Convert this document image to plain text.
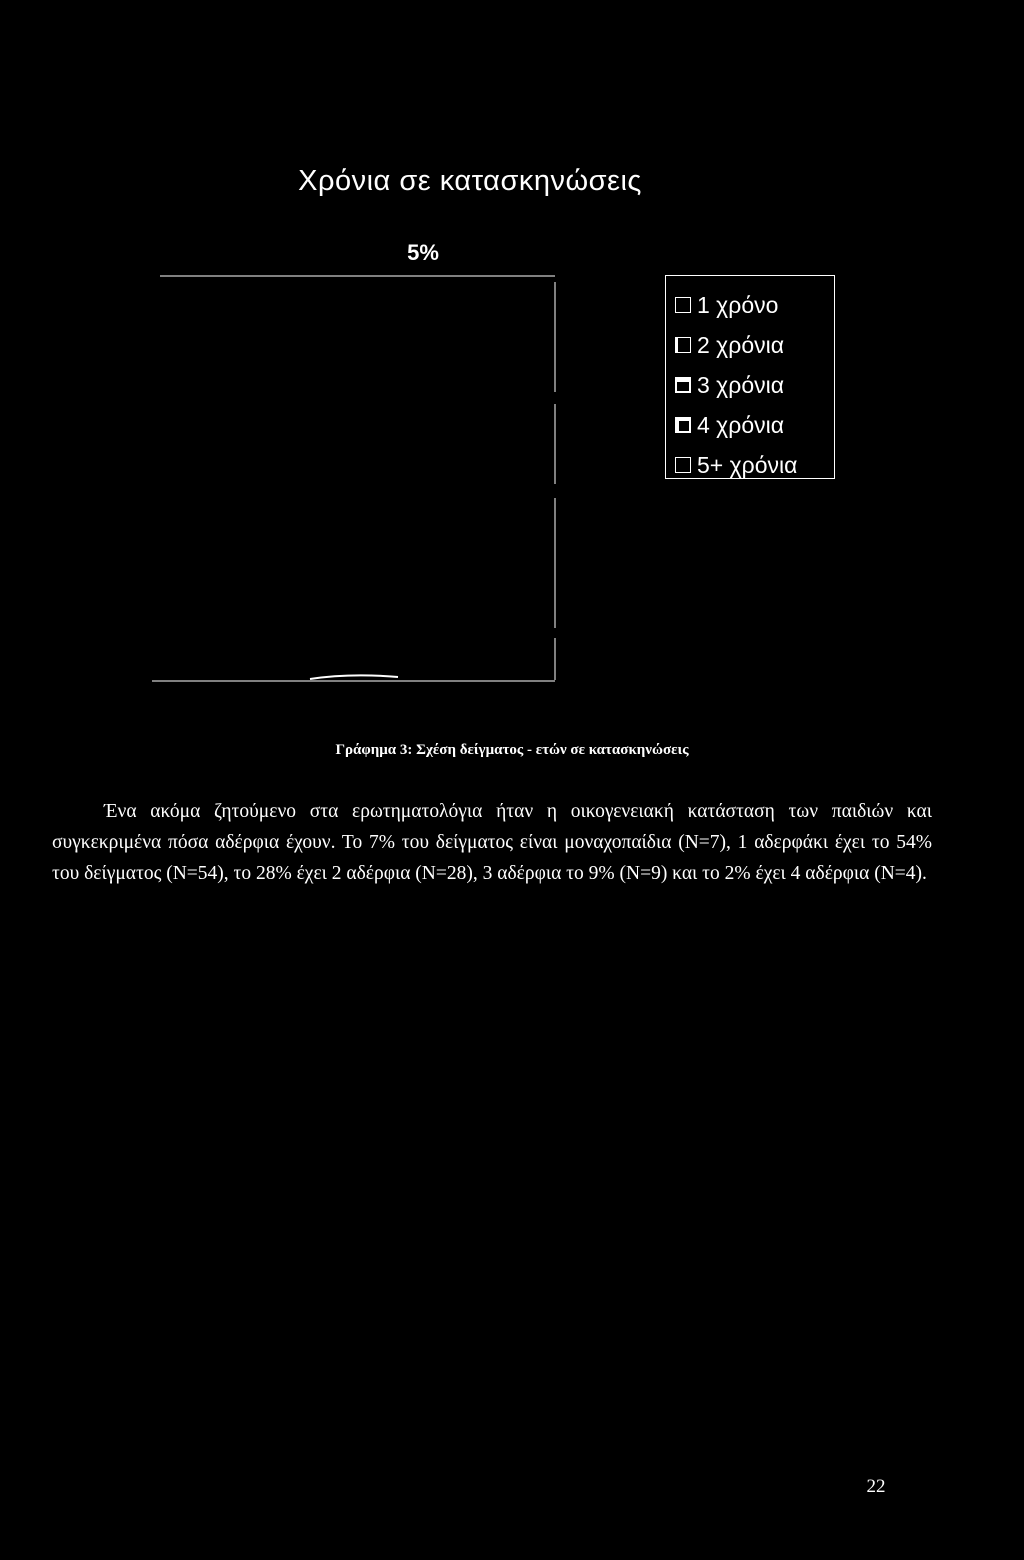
Χρόνια σε κατασκηνώσεις
5%
1 χρόνο
2 χρόνια
3 χρόνια
4 χρόνια
5+ χρόνια
Γράφημα 3: Σχέση δείγματος - ετών σε κατασκηνώσεις

Ένα ακόμα ζητούμενο στα ερωτηματολόγια ήταν η οικογενειακή κατάσταση των παιδιών και συγκεκριμένα πόσα αδέρφια έχουν. Το 7% του δείγματος είναι μοναχοπαίδια (Ν=7), 1 αδερφάκι έχει το 54% του δείγματος (Ν=54), το 28% έχει 2 αδέρφια (Ν=28), 3 αδέρφια το 9% (Ν=9) και το 2% έχει 4 αδέρφια (Ν=4).

22
